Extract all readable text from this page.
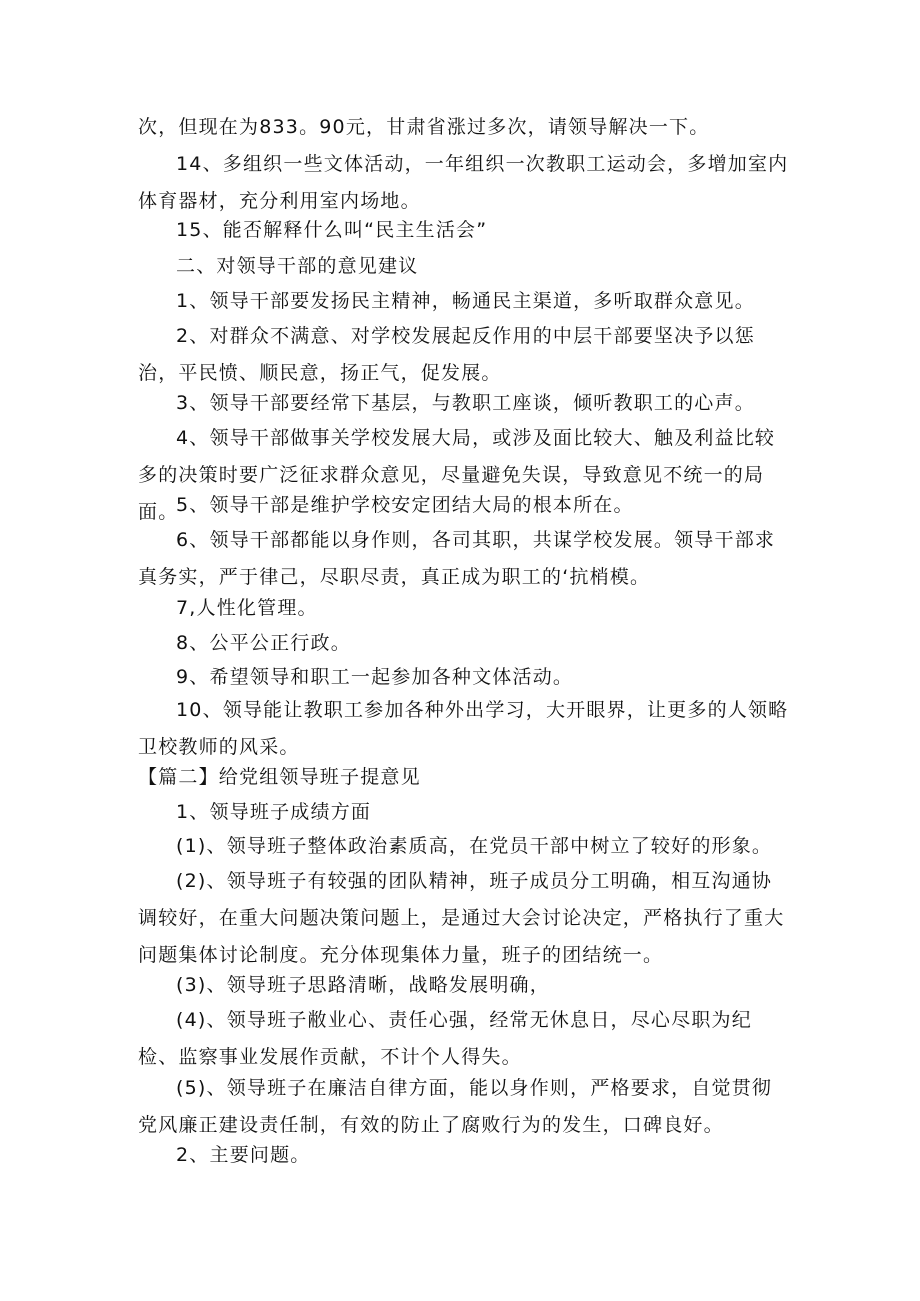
次，但现在为833。90元，甘肃省涨过多次，请领导解决一下。

14、多组织一些文体活动，一年组织一次教职工运动会，多增加室内体育器材，充分利用室内场地。

15、能否解释什么叫“民主生活会”

二、对领导干部的意见建议

1、领导干部要发扬民主精神，畅通民主渠道，多听取群众意见。

2、对群众不满意、对学校发展起反作用的中层干部要坚决予以惩治，平民愤、顺民意，扬正气，促发展。

3、领导干部要经常下基层，与教职工座谈，倾听教职工的心声。

4、领导干部做事关学校发展大局，或涉及面比较大、触及利益比较多的决策时要广泛征求群众意见，尽量避免失误，导致意见不统一的局面。

5、领导干部是维护学校安定团结大局的根本所在。

6、领导干部都能以身作则，各司其职，共谋学校发展。领导干部求真务实，严于律己，尽职尽责，真正成为职工的‘抗梢模。

7,人性化管理。

8、公平公正行政。

9、希望领导和职工一起参加各种文体活动。

10、领导能让教职工参加各种外出学习，大开眼界，让更多的人领略卫校教师的风采。

【篇二】给党组领导班子提意见

1、领导班子成绩方面

(1)、领导班子整体政治素质高，在党员干部中树立了较好的形象。

(2)、领导班子有较强的团队精神，班子成员分工明确，相互沟通协调较好，在重大问题决策问题上，是通过大会讨论决定，严格执行了重大问题集体讨论制度。充分体现集体力量，班子的团结统一。

(3)、领导班子思路清晰，战略发展明确，

(4)、领导班子敝业心、责任心强，经常无休息日，尽心尽职为纪检、监察事业发展作贡献，不计个人得失。

(5)、领导班子在廉洁自律方面，能以身作则，严格要求，自觉贯彻党风廉正建设责任制，有效的防止了腐败行为的发生，口碑良好。

2、主要问题。
